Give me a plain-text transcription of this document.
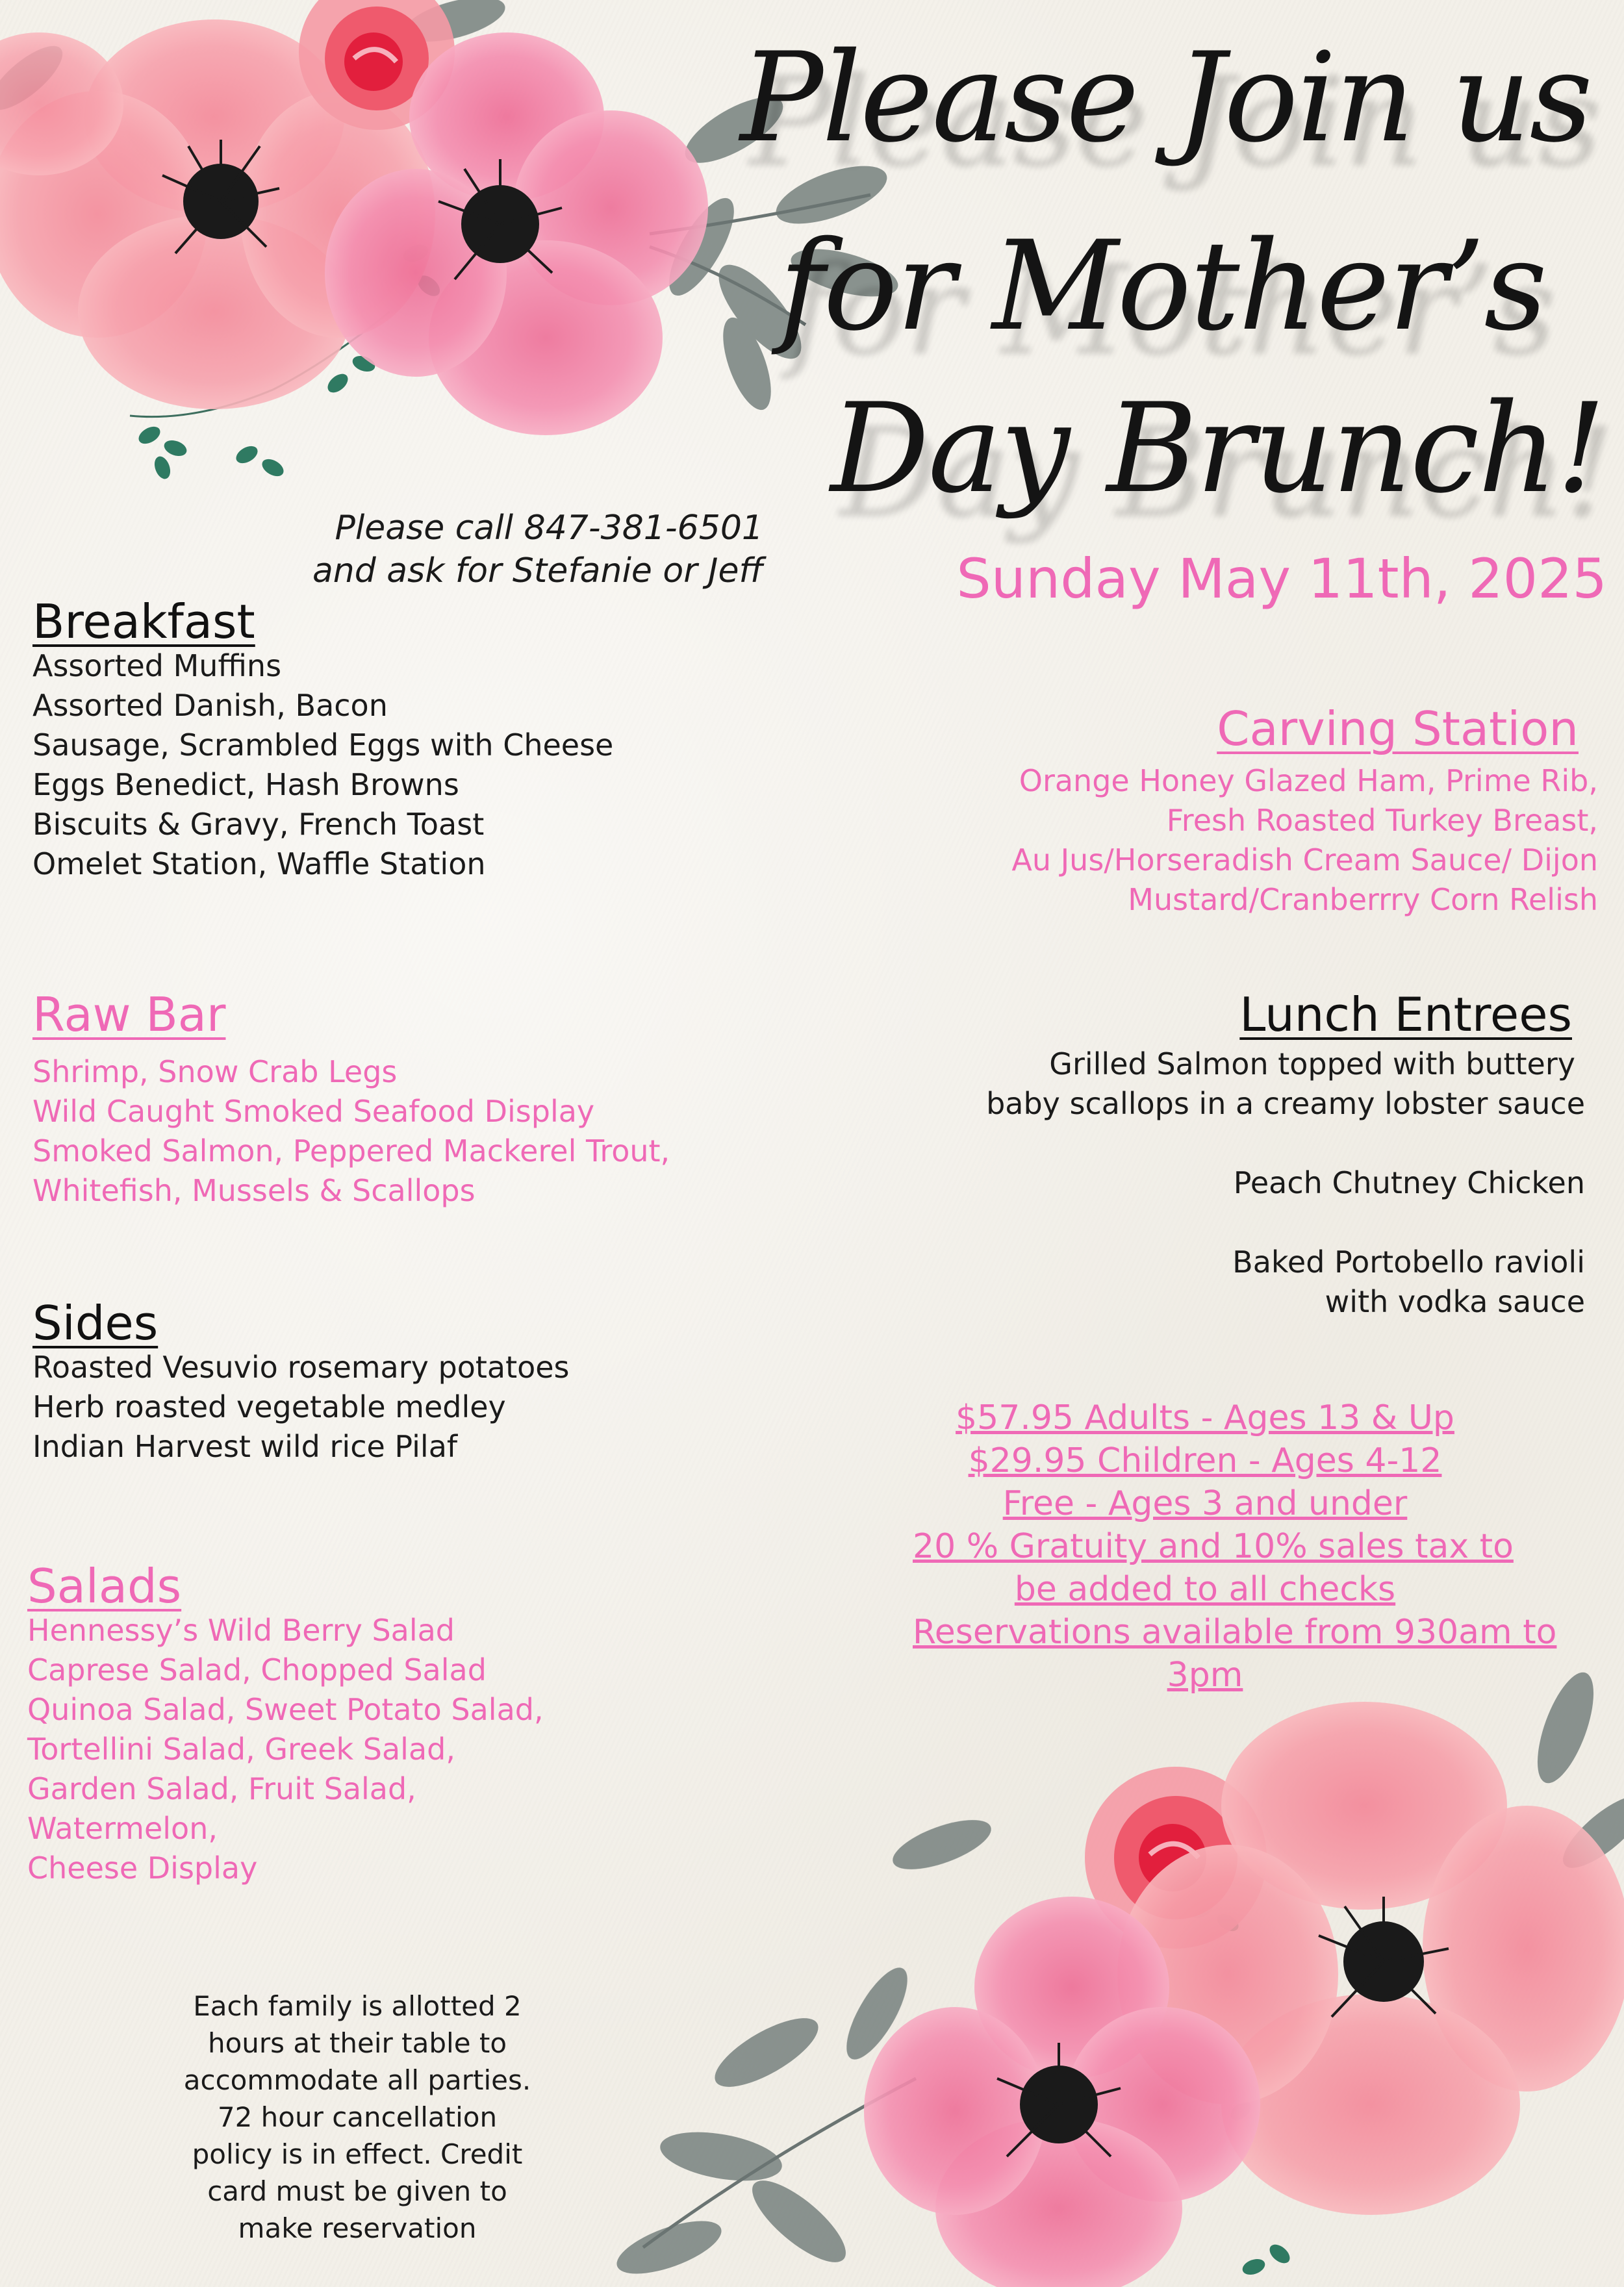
Please Join us
for Mother’s
Day Brunch!
Sunday May 11th, 2025
Please call 847-381-6501
and ask for Stefanie or Jeff
Breakfast
Assorted Muffins
Assorted Danish, Bacon
Sausage, Scrambled Eggs with Cheese
Eggs Benedict, Hash Browns
Biscuits & Gravy, French Toast
Omelet Station, Waffle Station
Raw Bar
Shrimp, Snow Crab Legs
Wild Caught Smoked Seafood Display
Smoked Salmon, Peppered Mackerel Trout,
Whitefish, Mussels & Scallops
Sides
Roasted Vesuvio rosemary potatoes
Herb roasted vegetable medley
Indian Harvest wild rice Pilaf
Salads
Hennessy’s Wild Berry Salad
Caprese Salad, Chopped Salad
Quinoa Salad, Sweet Potato Salad,
Tortellini Salad, Greek Salad,
Garden Salad, Fruit Salad,
Watermelon,
Cheese Display
Carving Station
Orange Honey Glazed Ham, Prime Rib,
Fresh Roasted Turkey Breast,
Au Jus/Horseradish Cream Sauce/ Dijon
Mustard/Cranberrry Corn Relish
Lunch Entrees
Grilled Salmon topped with buttery
baby scallops in a creamy lobster sauce
Peach Chutney Chicken
Baked Portobello ravioli
with vodka sauce
$57.95 Adults - Ages 13 & Up
$29.95 Children - Ages 4-12
Free - Ages 3 and under
20 % Gratuity and 10% sales tax to
be added to all checks
Reservations available from 930am to
3pm
Each family is allotted 2
hours at their table to
accommodate all parties.
72 hour cancellation
policy is in effect. Credit
card must be given to
make reservation
